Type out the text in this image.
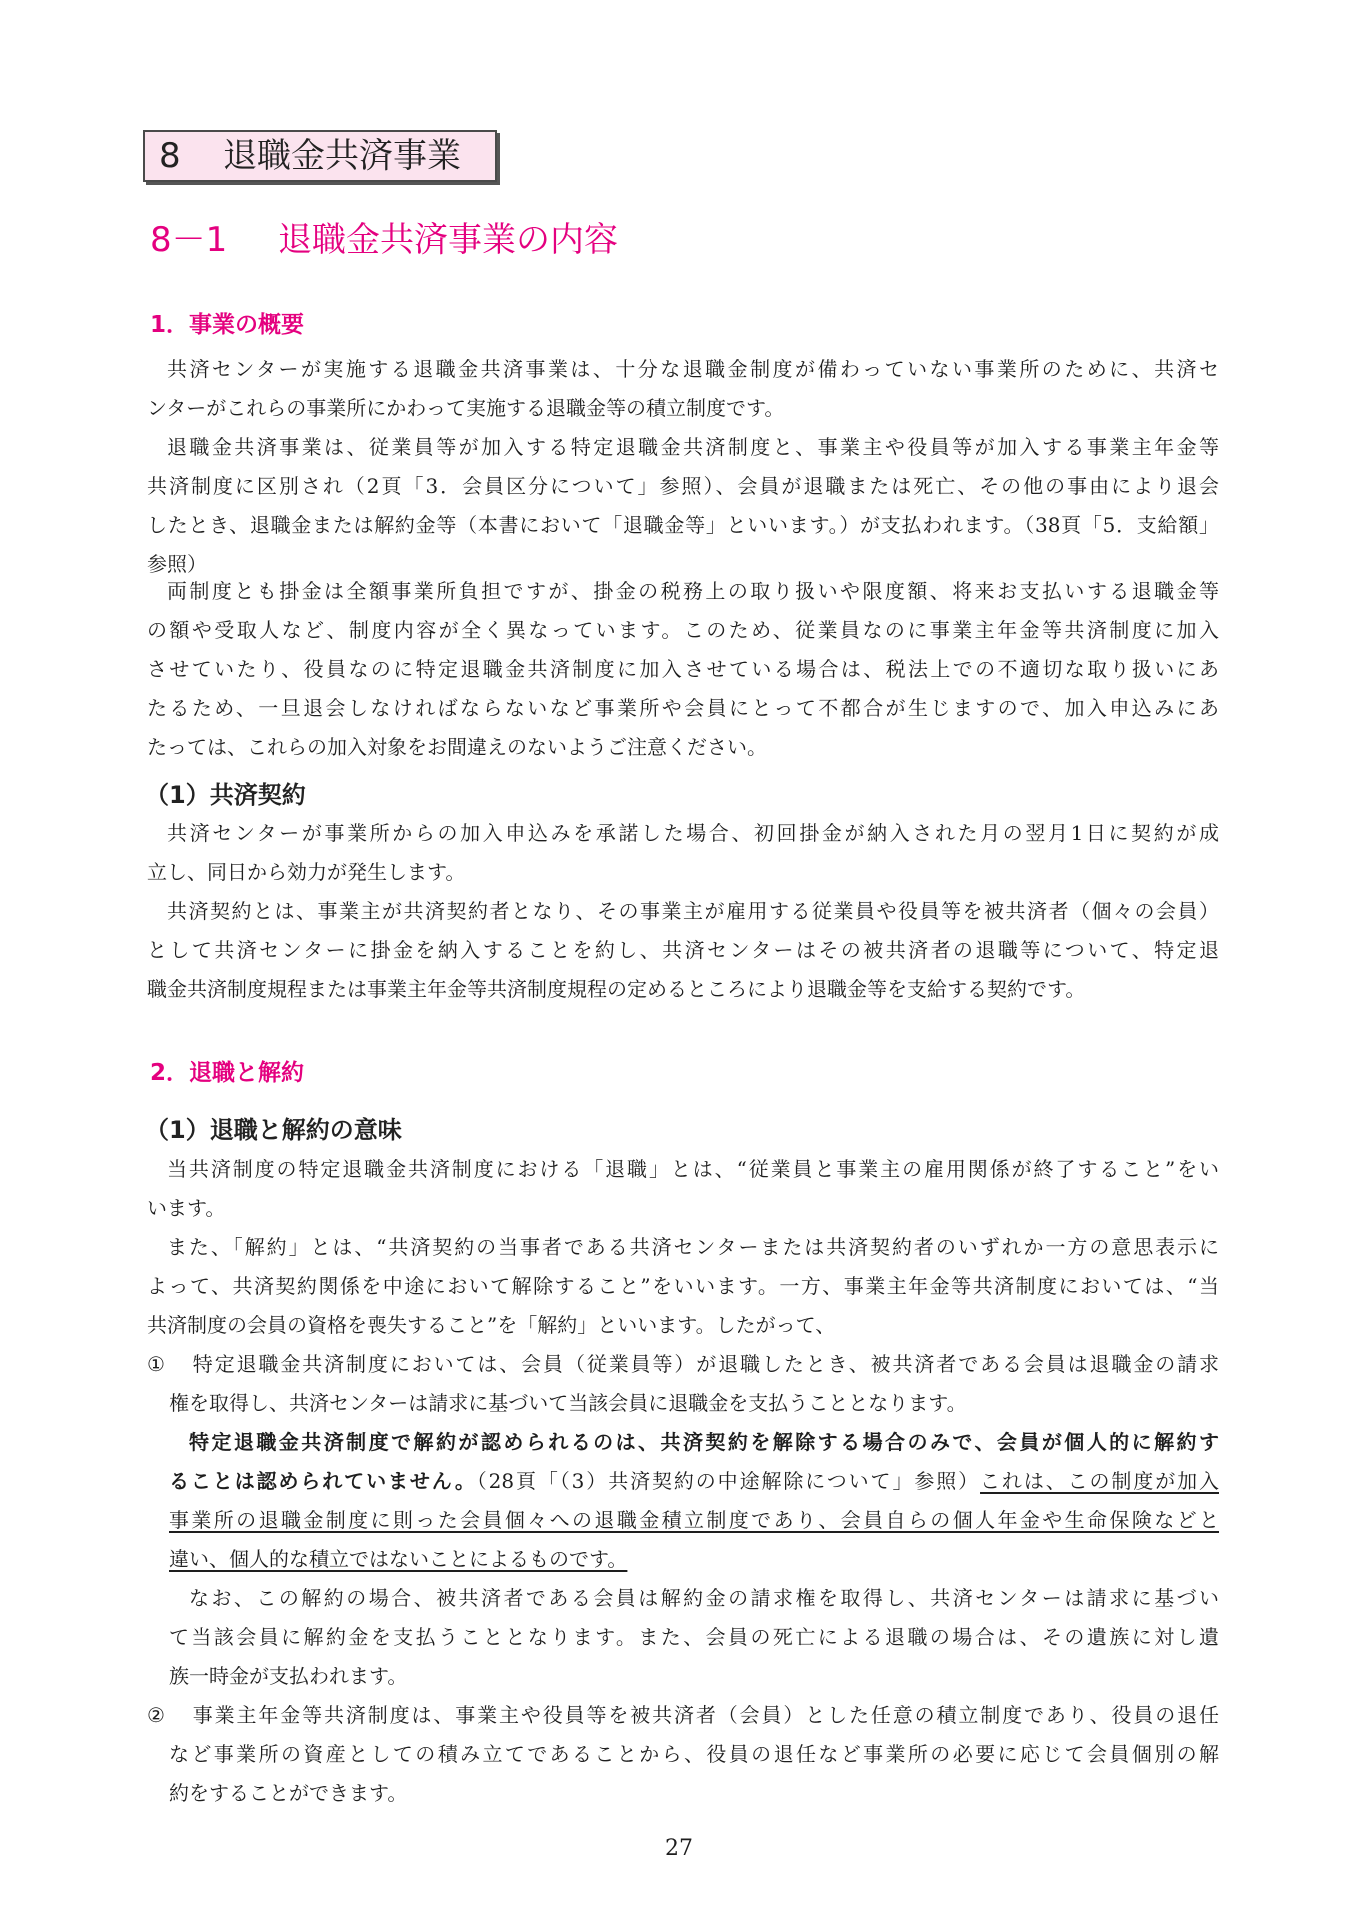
8 退職金共済事業
8－1 退職金共済事業の内容
1．事業の概要
共済センターが実施する退職金共済事業は、十分な退職金制度が備わっていない事業所のために、共済セ
ンターがこれらの事業所にかわって実施する退職金等の積立制度です。
退職金共済事業は、従業員等が加入する特定退職金共済制度と、事業主や役員等が加入する事業主年金等
共済制度に区別され（2頁「3．会員区分について」参照）、会員が退職または死亡、その他の事由により退会
したとき、退職金または解約金等（本書において「退職金等」といいます。）が支払われます。（38頁「5．支給額」
参照）
両制度とも掛金は全額事業所負担ですが、掛金の税務上の取り扱いや限度額、将来お支払いする退職金等
の額や受取人など、制度内容が全く異なっています。このため、従業員なのに事業主年金等共済制度に加入
させていたり、役員なのに特定退職金共済制度に加入させている場合は、税法上での不適切な取り扱いにあ
たるため、一旦退会しなければならないなど事業所や会員にとって不都合が生じますので、加入申込みにあ
たっては、これらの加入対象をお間違えのないようご注意ください。
（1）共済契約
共済センターが事業所からの加入申込みを承諾した場合、初回掛金が納入された月の翌月1日に契約が成
立し、同日から効力が発生します。
共済契約とは、事業主が共済契約者となり、その事業主が雇用する従業員や役員等を被共済者（個々の会員）
として共済センターに掛金を納入することを約し、共済センターはその被共済者の退職等について、特定退
職金共済制度規程または事業主年金等共済制度規程の定めるところにより退職金等を支給する契約です。
2．退職と解約
（1）退職と解約の意味
当共済制度の特定退職金共済制度における「退職」とは、“従業員と事業主の雇用関係が終了すること”をい
います。
また、「解約」とは、“共済契約の当事者である共済センターまたは共済契約者のいずれか一方の意思表示に
よって、共済契約関係を中途において解除すること”をいいます。一方、事業主年金等共済制度においては、“当
共済制度の会員の資格を喪失すること”を「解約」といいます。したがって、
①　 特定退職金共済制度においては、会員（従業員等）が退職したとき、被共済者である会員は退職金の請求
権を取得し、共済センターは請求に基づいて当該会員に退職金を支払うこととなります。
特定退職金共済制度で解約が認められるのは、共済契約を解除する場合のみで、会員が個人的に解約す
ることは認められていません。（28頁「（3）共済契約の中途解除について」参照）これは、この制度が加入
事業所の退職金制度に則った会員個々への退職金積立制度であり、会員自らの個人年金や生命保険などと
違い、個人的な積立ではないことによるものです。
なお、この解約の場合、被共済者である会員は解約金の請求権を取得し、共済センターは請求に基づい
て当該会員に解約金を支払うこととなります。また、会員の死亡による退職の場合は、その遺族に対し遺
族一時金が支払われます。
②　 事業主年金等共済制度は、事業主や役員等を被共済者（会員）とした任意の積立制度であり、役員の退任
など事業所の資産としての積み立てであることから、役員の退任など事業所の必要に応じて会員個別の解
約をすることができます。
27
